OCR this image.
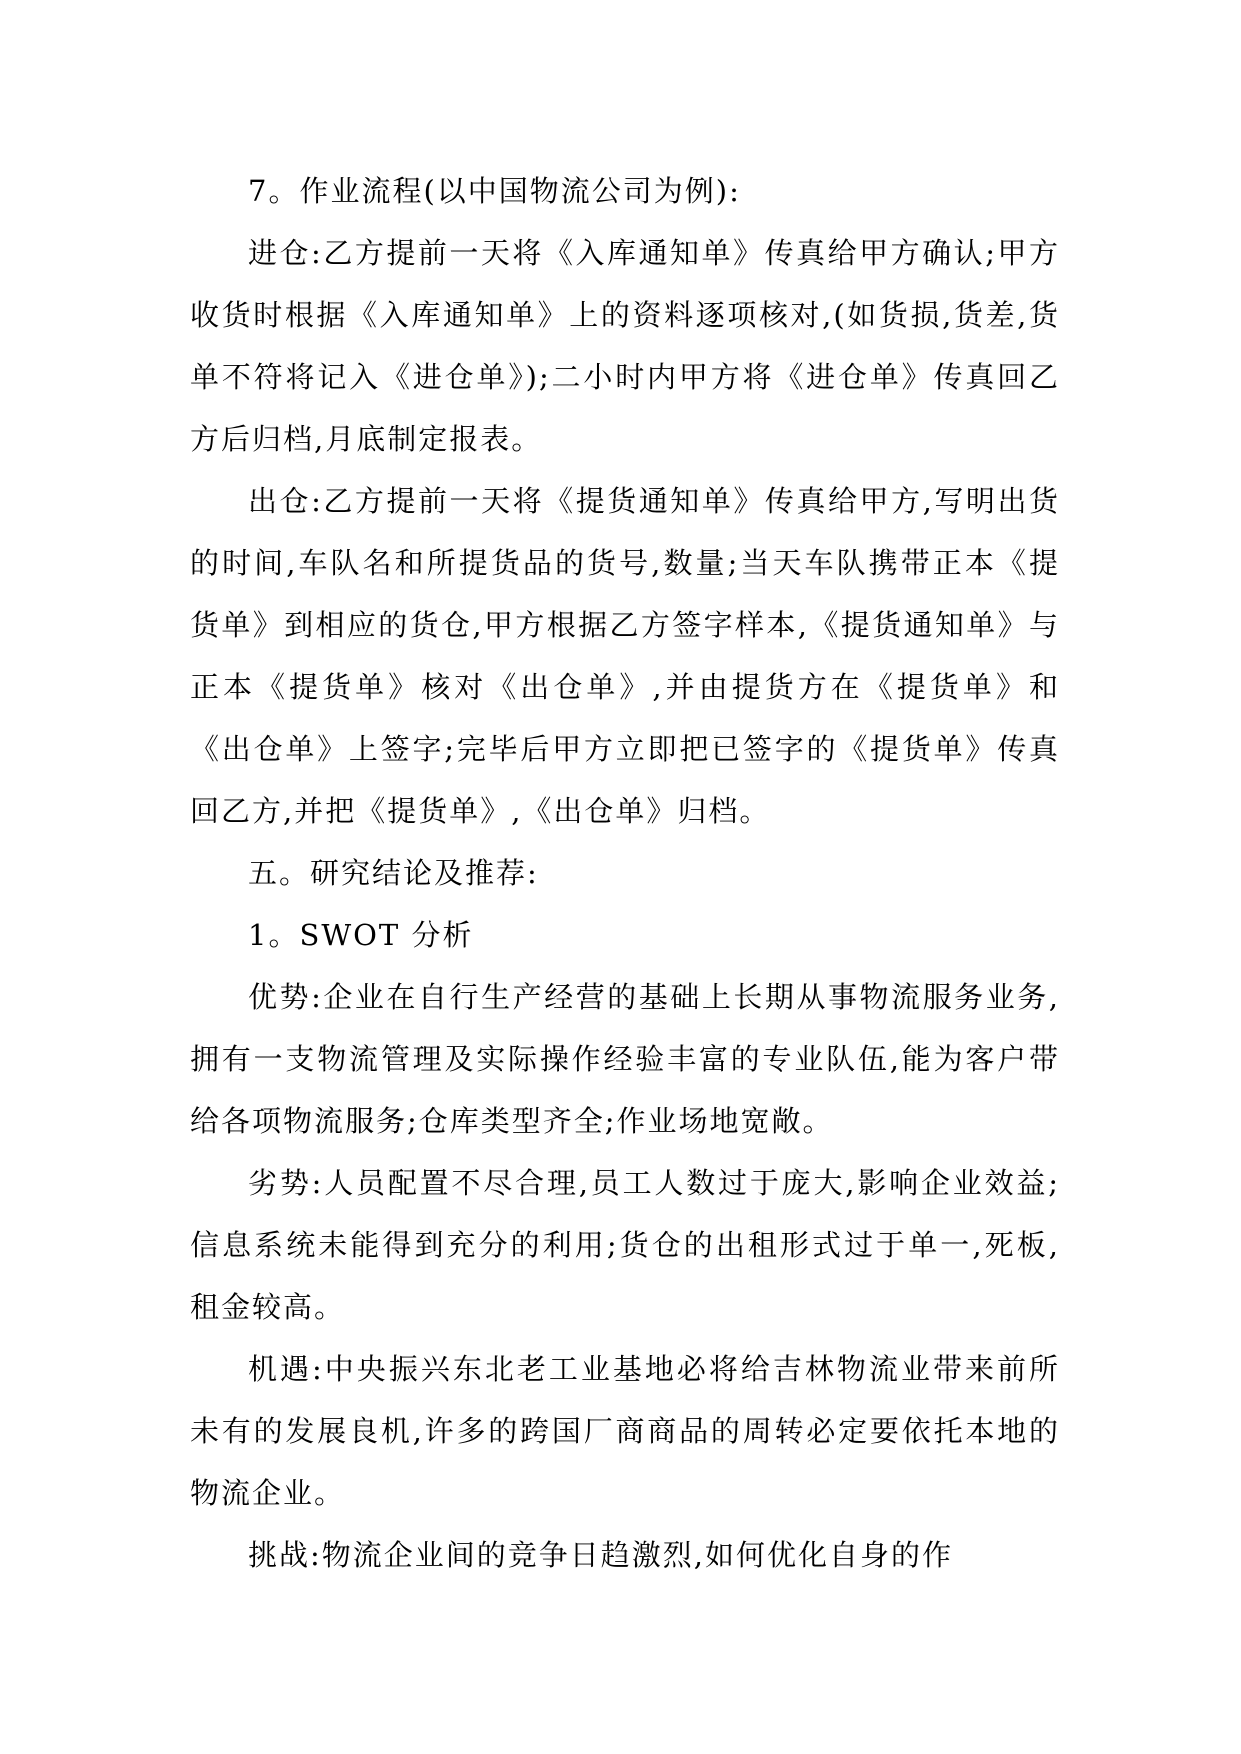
7。作业流程(以中国物流公司为例):

进仓:乙方提前一天将《入库通知单》传真给甲方确认;甲方收货时根据《入库通知单》上的资料逐项核对,(如货损,货差,货单不符将记入《进仓单》);二小时内甲方将《进仓单》传真回乙方后归档,月底制定报表。

出仓:乙方提前一天将《提货通知单》传真给甲方,写明出货的时间,车队名和所提货品的货号,数量;当天车队携带正本《提货单》到相应的货仓,甲方根据乙方签字样本,《提货通知单》与正本《提货单》核对《出仓单》,并由提货方在《提货单》和《出仓单》上签字;完毕后甲方立即把已签字的《提货单》传真回乙方,并把《提货单》,《出仓单》归档。

五。研究结论及推荐:

1。SWOT 分析

优势:企业在自行生产经营的基础上长期从事物流服务业务,拥有一支物流管理及实际操作经验丰富的专业队伍,能为客户带给各项物流服务;仓库类型齐全;作业场地宽敞。

劣势:人员配置不尽合理,员工人数过于庞大,影响企业效益;信息系统未能得到充分的利用;货仓的出租形式过于单一,死板,租金较高。

机遇:中央振兴东北老工业基地必将给吉林物流业带来前所未有的发展良机,许多的跨国厂商商品的周转必定要依托本地的物流企业。

挑战:物流企业间的竞争日趋激烈,如何优化自身的作
